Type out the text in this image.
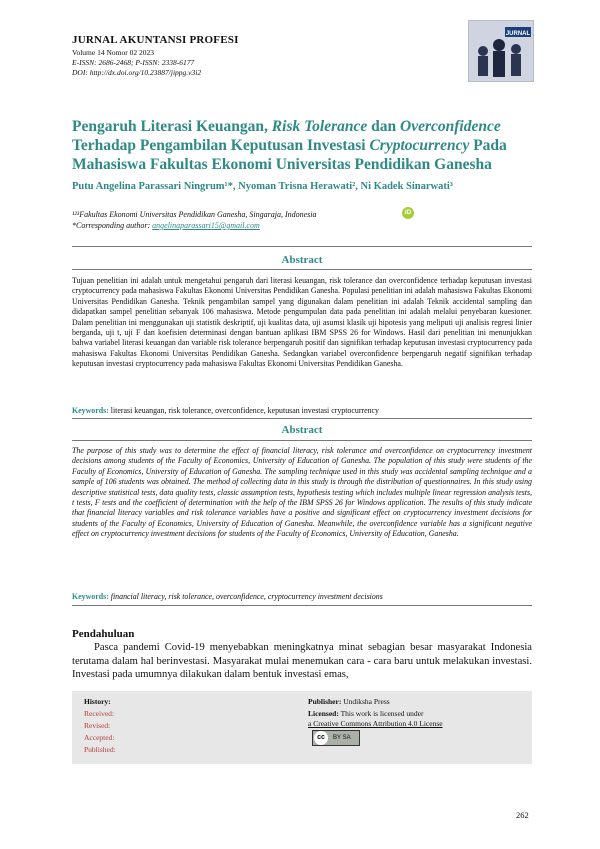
JURNAL AKUNTANSI PROFESI
Volume 14 Nomor 02 2023
E-ISSN: 2686-2468; P-ISSN: 2338-6177
DOI: http://dx.doi.org/10.23887/jippg.v3i2
JURNAL
Pengaruh Literasi Keuangan, Risk Tolerance dan Overconfidence Terhadap Pengambilan Keputusan Investasi Cryptocurrency Pada Mahasiswa Fakultas Ekonomi Universitas Pendidikan Ganesha
Putu Angelina Parassari Ningrum¹*, Nyoman Trisna Herawati², Ni Kadek Sinarwati³
¹²³Fakultas Ekonomi Universitas Pendidikan Ganesha, Singaraja, Indonesia
*Corresponding author: angelinaparassari15@gmail.com
iD
Abstract
Tujuan penelitian ini adalah untuk mengetahui pengaruh dari literasi keuangan, risk tolerance dan overconfidence terhadap keputusan investasi cryptocurrency pada mahasiswa Fakultas Ekonomi Universitas Pendidikan Ganesha. Populasi penelitian ini adalah mahasiswa Fakultas Ekonomi Universitas Pendidikan Ganesha. Teknik pengambilan sampel yang digunakan dalam penelitian ini adalah Teknik accidental sampling dan didapatkan sampel penelitian sebanyak 106 mahasiswa. Metode pengumpulan data pada penelitian ini adalah melalui penyebaran kuesioner. Dalam penelitian ini menggunakan uji statistik deskriptif, uji kualitas data, uji asumsi klasik uji hipotesis yang meliputi uji analisis regresi linier berganda, uji t, uji F dan koefisien determinasi dengan bantuan aplikasi IBM SPSS 26 for Windows. Hasil dari penelitian ini menunjukkan bahwa variabel literasi keuangan dan variable risk tolerance berpengaruh positif dan signifikan terhadap keputusan investasi cryptocurrency pada mahasiswa Fakultas Ekonomi Universitas Pendidikan Ganesha. Sedangkan variabel overconfidence berpengaruh negatif signifikan terhadap keputusan investasi cryptocurrency pada mahasiswa Fakultas Ekonomi Universitas Pendidikan Ganesha.
Keywords: literasi keuangan, risk tolerance, overconfidence, keputusan investasi cryptocurrency
Abstract
The purpose of this study was to determine the effect of financial literacy, risk tolerance and overconfidence on cryptocurrency investment decisions among students of the Faculty of Economics, University of Education of Ganesha. The population of this study were students of the Faculty of Economics, University of Education of Ganesha. The sampling technique used in this study was accidental sampling technique and a sample of 106 students was obtained. The method of collecting data in this study is through the distribution of questionnaires. In this study using descriptive statistical tests, data quality tests, classic assumption tests, hypothesis testing which includes multiple linear regression analysis tests, t tests, F tests and the coefficient of determination with the help of the IBM SPSS 26 for Windows application. The results of this study indicate that financial literacy variables and risk tolerance variables have a positive and significant effect on cryptocurrency investment decisions for students of the Faculty of Economics, University of Education of Ganesha. Meanwhile, the overconfidence variable has a significant negative effect on cryptocurrency investment decisions for students of the Faculty of Economics, University of Education, Ganesha.
Keywords: financial literacy, risk tolerance, overconfidence, cryptocurrency investment decisions
Pendahuluan
Pasca pandemi Covid-19 menyebabkan meningkatnya minat sebagian besar masyarakat Indonesia terutama dalam hal berinvestasi. Masyarakat mulai menemukan cara - cara baru untuk melakukan investasi. Investasi pada umumnya dilakukan dalam bentuk investasi emas,
History:
Received:
Revised:
Accepted:
Published:
Publisher: Undiksha Press
Licensed: This work is licensed under
a Creative Commons Attribution 4.0 License
cc	BY SA
262
